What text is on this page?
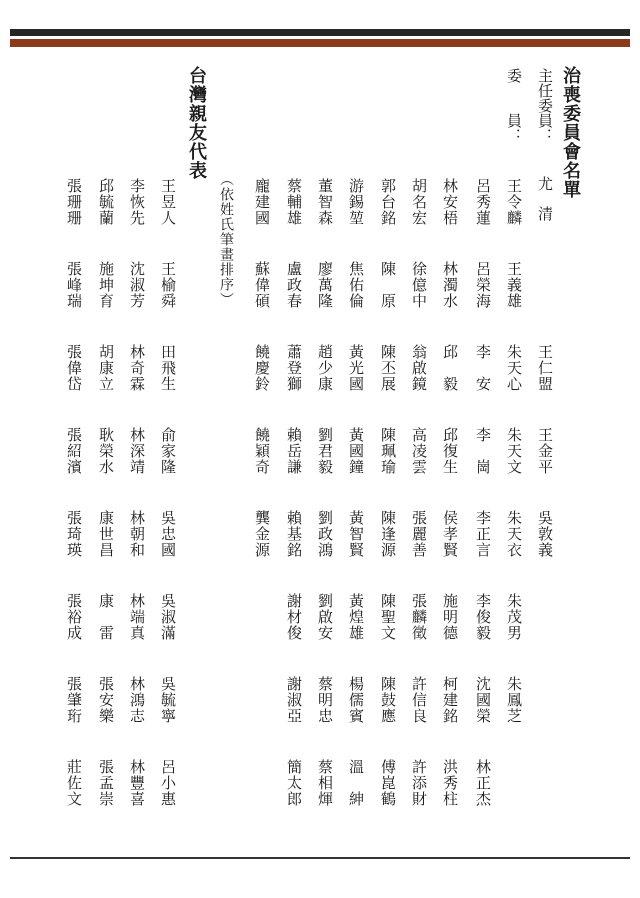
治喪委員會名單
主任委員：
尤　清
委　　員：
台灣親友代表
（依姓氏筆畫排序）
王仁盟
王金平
吳敦義
王令麟
王義雄
朱天心
朱天文
朱天衣
朱茂男
朱鳳芝
呂秀蓮
呂榮海
李　安
李　崗
李正言
李俊毅
沈國榮
林正杰
林安梧
林濁水
邱　毅
邱復生
侯孝賢
施明德
柯建銘
洪秀柱
胡名宏
徐億中
翁啟鏡
高凌雲
張麗善
張麟徵
許信良
許添財
郭台銘
陳　原
陳丕展
陳珮瑜
陳逢源
陳聖文
陳鼓應
傅崑鶴
游錫堃
焦佑倫
黃光國
黃國鐘
黃智賢
黃煌雄
楊儒賓
溫　紳
董智森
廖萬隆
趙少康
劉君毅
劉政鴻
劉啟安
蔡明忠
蔡相煇
蔡輔雄
盧政春
蕭登獅
賴岳謙
賴基銘
謝材俊
謝淑亞
簡太郎
龐建國
蘇偉碩
饒慶鈴
饒穎奇
龔金源
王昱人
王榆舜
田飛生
俞家隆
吳忠國
吳淑滿
吳毓寧
呂小惠
李恢先
沈淑芳
林奇霖
林深靖
林朝和
林端真
林鴻志
林豐喜
邱毓蘭
施坤育
胡康立
耿榮水
康世昌
康　雷
張安樂
張孟崇
張珊珊
張峰瑞
張偉岱
張紹濱
張琦瑛
張裕成
張肇珩
莊佐文
